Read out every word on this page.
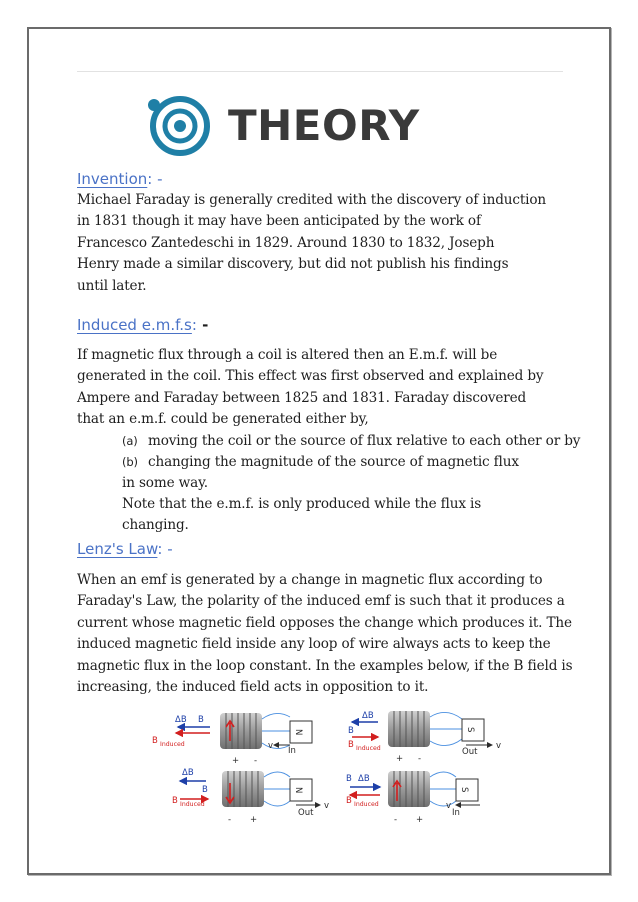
THEORY
Invention: -
Michael Faraday is generally credited with the discovery of induction
in 1831 though it may have been anticipated by the work of
Francesco Zantedeschi in 1829. Around 1830 to 1832, Joseph
Henry made a similar discovery, but did not publish his findings
until later.
Induced e.m.f.s: -
If magnetic flux through a coil is altered then an E.m.f. will be
generated in the coil. This effect was first observed and explained by
Ampere and Faraday between 1825 and 1831. Faraday discovered
that an e.m.f. could be generated either by,
(a) moving the coil or the source of flux relative to each other or by
(b) changing the magnitude of the source of magnetic flux
in some way.
Note that the e.m.f. is only produced while the flux is
changing.
Lenz's Law: -
When an emf is generated by a change in magnetic flux according to
Faraday's Law, the polarity of the induced emf is such that it produces a
current whose magnetic field opposes the change which produces it. The
induced magnetic field inside any loop of wire always acts to keep the
magnetic flux in the loop constant. In the examples below, if the B field is
increasing, the induced field acts in opposition to it.
ΔB B
B Induced
N
v In
+ -
ΔB
B
B Induced
S
v
Out
+ -
ΔB
B
B Induced
N
v
Out
- +
B ΔB
B Induced
S
v
In
- +
